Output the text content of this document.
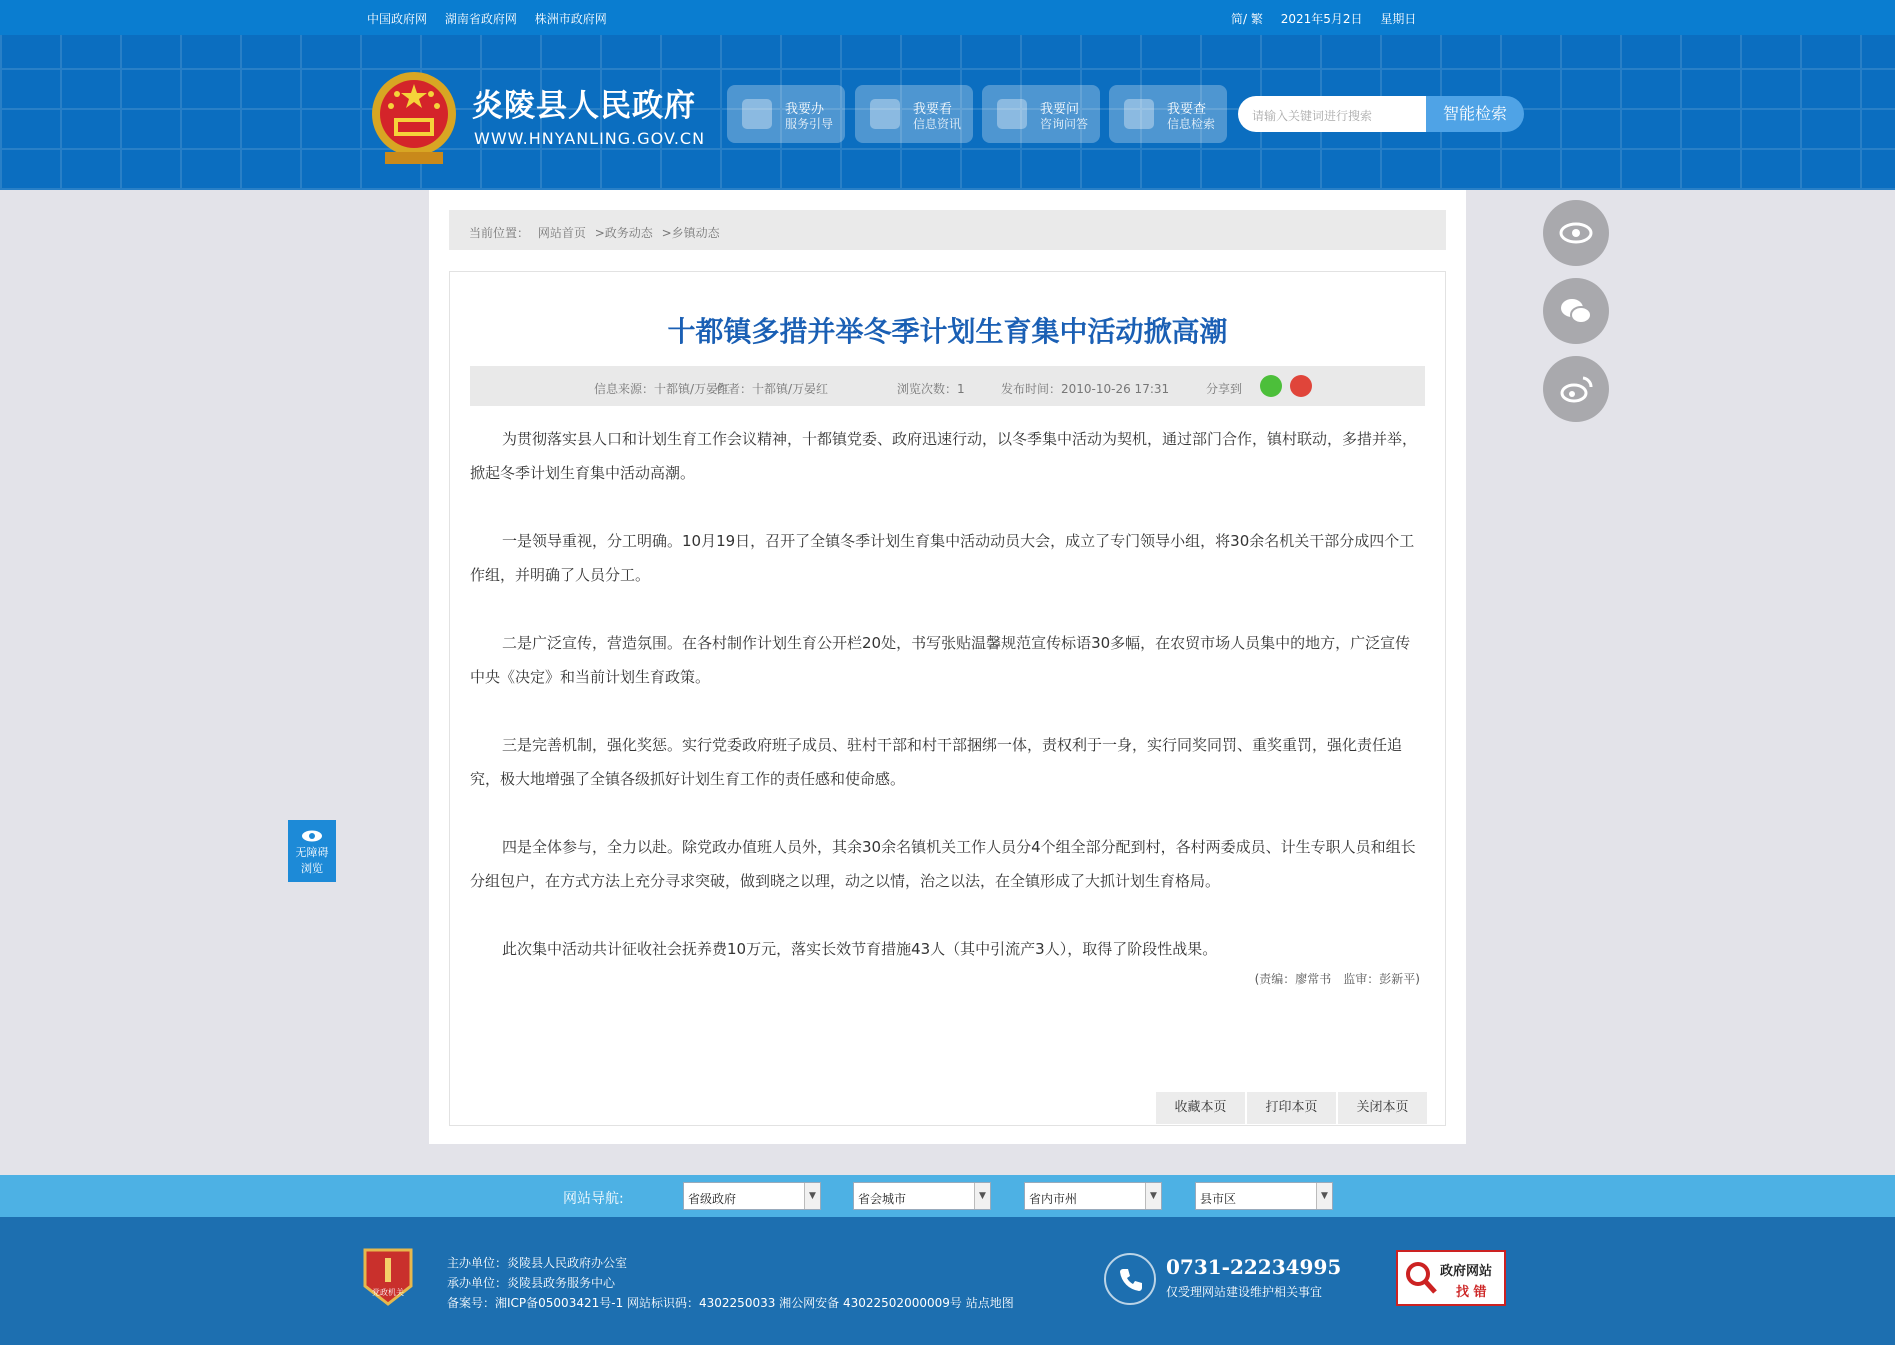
中国政府网 湖南省政府网 株洲市政府网	简/ 繁 2021年5月2日 星期日
炎陵县人民政府
WWW.HNYANLING.GOV.CN
我要办
服务引导
我要看
信息资讯
我要问
咨询问答
我要查
信息检索
请输入关键词进行搜索	智能检索
当前位置： 网站首页 >政务动态 >乡镇动态
十都镇多措并举冬季计划生育集中活动掀高潮
信息来源：十都镇/万晏红
作者：十都镇/万晏红	浏览次数：1	发布时间：2010-10-26 17:31	分享到

为贯彻落实县人口和计划生育工作会议精神，十都镇党委、政府迅速行动，以冬季集中活动为契机，通过部门合作，镇村联动，多措并举，掀起冬季计划生育集中活动高潮。

一是领导重视，分工明确。10月19日，召开了全镇冬季计划生育集中活动动员大会，成立了专门领导小组，将30余名机关干部分成四个工作组，并明确了人员分工。

二是广泛宣传，营造氛围。在各村制作计划生育公开栏20处，书写张贴温馨规范宣传标语30多幅，在农贸市场人员集中的地方，广泛宣传中央《决定》和当前计划生育政策。

三是完善机制，强化奖惩。实行党委政府班子成员、驻村干部和村干部捆绑一体，责权利于一身，实行同奖同罚、重奖重罚，强化责任追究，极大地增强了全镇各级抓好计划生育工作的责任感和使命感。

四是全体参与，全力以赴。除党政办值班人员外，其余30余名镇机关工作人员分4个组全部分配到村，各村两委成员、计生专职人员和组长分组包户，在方式方法上充分寻求突破，做到晓之以理，动之以情，治之以法，在全镇形成了大抓计划生育格局。

此次集中活动共计征收社会抚养费10万元，落实长效节育措施43人（其中引流产3人），取得了阶段性战果。

(责编：廖常书　监审：彭新平)
收藏本页	打印本页	关闭本页
无障碍
浏览
网站导航:	省级政府	▼	省会城市	▼	省内市州	▼	县市区	▼
党政机关
主办单位：炎陵县人民政府办公室
承办单位：炎陵县政务服务中心
备案号：湘ICP备05003421号-1 网站标识码：4302250033 湘公网安备 43022502000009号 站点地图
0731-22234995
仅受理网站建设维护相关事宜
政府网站
找 错
